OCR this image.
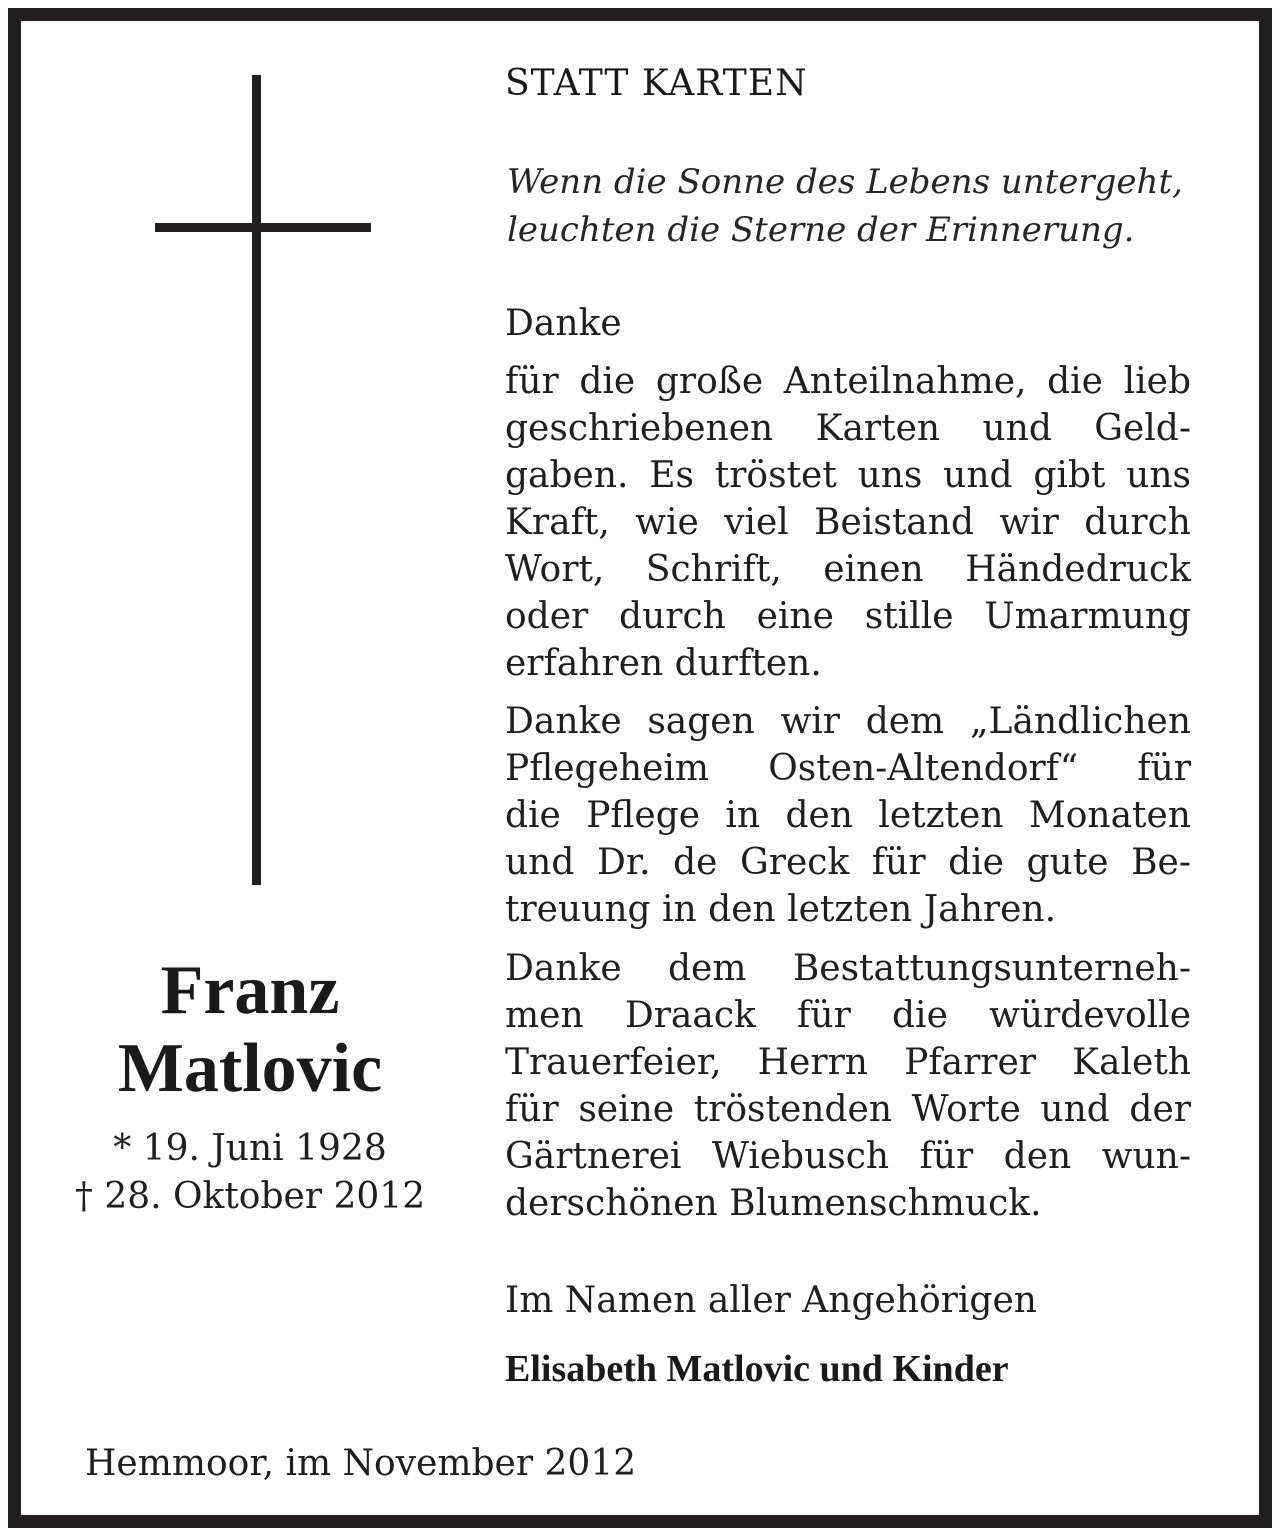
Franz
Matlovic
* 19. Juni 1928
† 28. Oktober 2012
STATT KARTEN
Wenn die Sonne des Lebens untergeht,
leuchten die Sterne der Erinnerung.
Danke
für die große Anteilnahme, die lieb
geschriebenen Karten und Geld-
gaben. Es tröstet uns und gibt uns
Kraft, wie viel Beistand wir durch
Wort, Schrift, einen Händedruck
oder durch eine stille Umarmung
erfahren durften.
Danke sagen wir dem „Ländlichen
Pflegeheim Osten-Altendorf“ für
die Pflege in den letzten Monaten
und Dr. de Greck für die gute Be-
treuung in den letzten Jahren.
Danke dem Bestattungsunterneh-
men Draack für die würdevolle
Trauerfeier, Herrn Pfarrer Kaleth
für seine tröstenden Worte und der
Gärtnerei Wiebusch für den wun-
derschönen Blumenschmuck.
Im Namen aller Angehörigen
Elisabeth Matlovic und Kinder
Hemmoor, im November 2012
